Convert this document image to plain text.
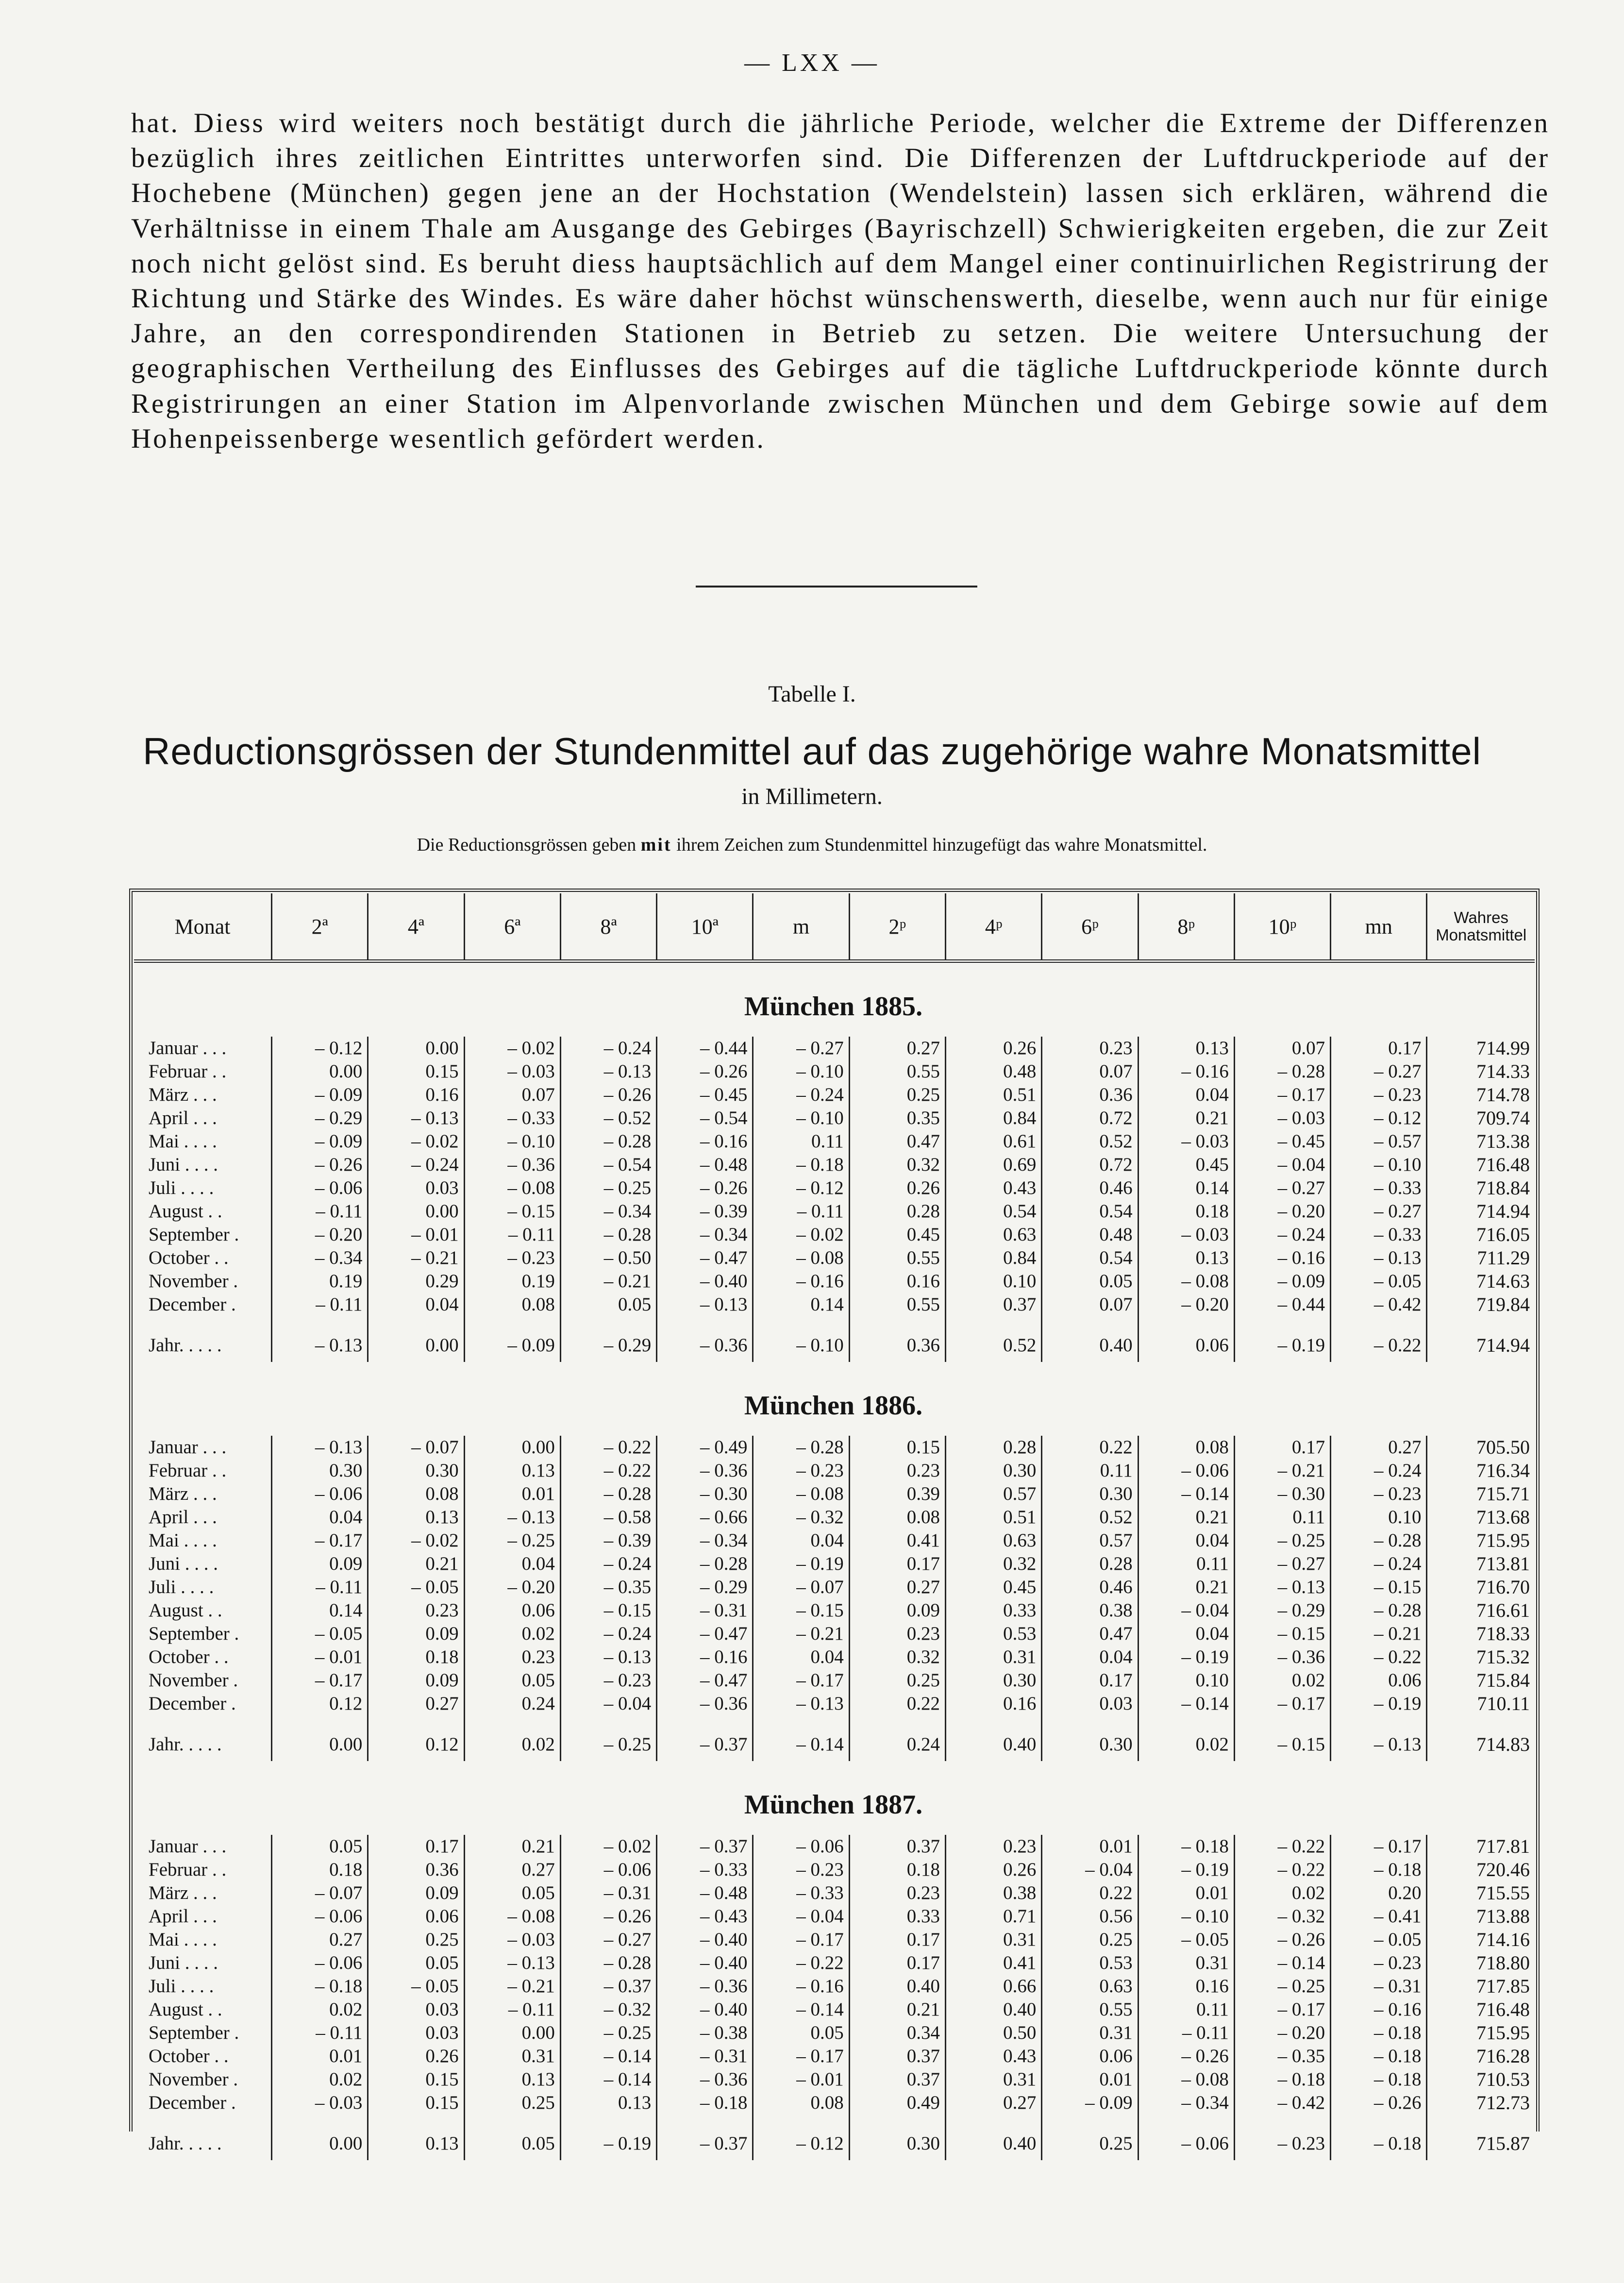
— LXX —

hat. Diess wird weiters noch bestätigt durch die jährliche Periode, welcher die Extreme der Differenzen bezüglich ihres zeitlichen Eintrittes unterworfen sind. Die Differenzen der Luftdruckperiode auf der Hochebene (München) gegen jene an der Hochstation (Wendelstein) lassen sich erklären, während die Verhältnisse in einem Thale am Ausgange des Gebirges (Bayrischzell) Schwierigkeiten ergeben, die zur Zeit noch nicht gelöst sind. Es beruht diess hauptsächlich auf dem Mangel einer continuirlichen Registrirung der Richtung und Stärke des Windes. Es wäre daher höchst wünschenswerth, dieselbe, wenn auch nur für einige Jahre, an den correspondirenden Stationen in Betrieb zu setzen. Die weitere Untersuchung der geographischen Vertheilung des Einflusses des Gebirges auf die tägliche Luftdruckperiode könnte durch Registrirungen an einer Station im Alpenvorlande zwischen München und dem Gebirge sowie auf dem Hohenpeissenberge wesentlich gefördert werden.

Tabelle I.
Reductionsgrössen der Stundenmittel auf das zugehörige wahre Monatsmittel
in Millimetern.
Die Reductionsgrössen geben mit ihrem Zeichen zum Stundenmittel hinzugefügt das wahre Monatsmittel.
Monat	2ª	4ª	6ª	8ª	10ª	m	2ᵖ	4ᵖ	6ᵖ	8ᵖ	10ᵖ	mn	Wahres
Monatsmittel
München 1885.													
Januar . . .	– 0.12	0.00	– 0.02	– 0.24	– 0.44	– 0.27	0.27	0.26	0.23	0.13	0.07	0.17	714.99
Februar . .	0.00	0.15	– 0.03	– 0.13	– 0.26	– 0.10	0.55	0.48	0.07	– 0.16	– 0.28	– 0.27	714.33
März . . .	– 0.09	0.16	0.07	– 0.26	– 0.45	– 0.24	0.25	0.51	0.36	0.04	– 0.17	– 0.23	714.78
April . . .	– 0.29	– 0.13	– 0.33	– 0.52	– 0.54	– 0.10	0.35	0.84	0.72	0.21	– 0.03	– 0.12	709.74
Mai . . . .	– 0.09	– 0.02	– 0.10	– 0.28	– 0.16	0.11	0.47	0.61	0.52	– 0.03	– 0.45	– 0.57	713.38
Juni . . . .	– 0.26	– 0.24	– 0.36	– 0.54	– 0.48	– 0.18	0.32	0.69	0.72	0.45	– 0.04	– 0.10	716.48
Juli . . . .	– 0.06	0.03	– 0.08	– 0.25	– 0.26	– 0.12	0.26	0.43	0.46	0.14	– 0.27	– 0.33	718.84
August . .	– 0.11	0.00	– 0.15	– 0.34	– 0.39	– 0.11	0.28	0.54	0.54	0.18	– 0.20	– 0.27	714.94
September .	– 0.20	– 0.01	– 0.11	– 0.28	– 0.34	– 0.02	0.45	0.63	0.48	– 0.03	– 0.24	– 0.33	716.05
October . .	– 0.34	– 0.21	– 0.23	– 0.50	– 0.47	– 0.08	0.55	0.84	0.54	0.13	– 0.16	– 0.13	711.29
November .	0.19	0.29	0.19	– 0.21	– 0.40	– 0.16	0.16	0.10	0.05	– 0.08	– 0.09	– 0.05	714.63
December .	– 0.11	0.04	0.08	0.05	– 0.13	0.14	0.55	0.37	0.07	– 0.20	– 0.44	– 0.42	719.84

Jahr. . . . .	– 0.13	0.00	– 0.09	– 0.29	– 0.36	– 0.10	0.36	0.52	0.40	0.06	– 0.19	– 0.22	714.94
München 1886.													
Januar . . .	– 0.13	– 0.07	0.00	– 0.22	– 0.49	– 0.28	0.15	0.28	0.22	0.08	0.17	0.27	705.50
Februar . .	0.30	0.30	0.13	– 0.22	– 0.36	– 0.23	0.23	0.30	0.11	– 0.06	– 0.21	– 0.24	716.34
März . . .	– 0.06	0.08	0.01	– 0.28	– 0.30	– 0.08	0.39	0.57	0.30	– 0.14	– 0.30	– 0.23	715.71
April . . .	0.04	0.13	– 0.13	– 0.58	– 0.66	– 0.32	0.08	0.51	0.52	0.21	0.11	0.10	713.68
Mai . . . .	– 0.17	– 0.02	– 0.25	– 0.39	– 0.34	0.04	0.41	0.63	0.57	0.04	– 0.25	– 0.28	715.95
Juni . . . .	0.09	0.21	0.04	– 0.24	– 0.28	– 0.19	0.17	0.32	0.28	0.11	– 0.27	– 0.24	713.81
Juli . . . .	– 0.11	– 0.05	– 0.20	– 0.35	– 0.29	– 0.07	0.27	0.45	0.46	0.21	– 0.13	– 0.15	716.70
August . .	0.14	0.23	0.06	– 0.15	– 0.31	– 0.15	0.09	0.33	0.38	– 0.04	– 0.29	– 0.28	716.61
September .	– 0.05	0.09	0.02	– 0.24	– 0.47	– 0.21	0.23	0.53	0.47	0.04	– 0.15	– 0.21	718.33
October . .	– 0.01	0.18	0.23	– 0.13	– 0.16	0.04	0.32	0.31	0.04	– 0.19	– 0.36	– 0.22	715.32
November .	– 0.17	0.09	0.05	– 0.23	– 0.47	– 0.17	0.25	0.30	0.17	0.10	0.02	0.06	715.84
December .	0.12	0.27	0.24	– 0.04	– 0.36	– 0.13	0.22	0.16	0.03	– 0.14	– 0.17	– 0.19	710.11

Jahr. . . . .	0.00	0.12	0.02	– 0.25	– 0.37	– 0.14	0.24	0.40	0.30	0.02	– 0.15	– 0.13	714.83
München 1887.													
Januar . . .	0.05	0.17	0.21	– 0.02	– 0.37	– 0.06	0.37	0.23	0.01	– 0.18	– 0.22	– 0.17	717.81
Februar . .	0.18	0.36	0.27	– 0.06	– 0.33	– 0.23	0.18	0.26	– 0.04	– 0.19	– 0.22	– 0.18	720.46
März . . .	– 0.07	0.09	0.05	– 0.31	– 0.48	– 0.33	0.23	0.38	0.22	0.01	0.02	0.20	715.55
April . . .	– 0.06	0.06	– 0.08	– 0.26	– 0.43	– 0.04	0.33	0.71	0.56	– 0.10	– 0.32	– 0.41	713.88
Mai . . . .	0.27	0.25	– 0.03	– 0.27	– 0.40	– 0.17	0.17	0.31	0.25	– 0.05	– 0.26	– 0.05	714.16
Juni . . . .	– 0.06	0.05	– 0.13	– 0.28	– 0.40	– 0.22	0.17	0.41	0.53	0.31	– 0.14	– 0.23	718.80
Juli . . . .	– 0.18	– 0.05	– 0.21	– 0.37	– 0.36	– 0.16	0.40	0.66	0.63	0.16	– 0.25	– 0.31	717.85
August . .	0.02	0.03	– 0.11	– 0.32	– 0.40	– 0.14	0.21	0.40	0.55	0.11	– 0.17	– 0.16	716.48
September .	– 0.11	0.03	0.00	– 0.25	– 0.38	0.05	0.34	0.50	0.31	– 0.11	– 0.20	– 0.18	715.95
October . .	0.01	0.26	0.31	– 0.14	– 0.31	– 0.17	0.37	0.43	0.06	– 0.26	– 0.35	– 0.18	716.28
November .	0.02	0.15	0.13	– 0.14	– 0.36	– 0.01	0.37	0.31	0.01	– 0.08	– 0.18	– 0.18	710.53
December .	– 0.03	0.15	0.25	0.13	– 0.18	0.08	0.49	0.27	– 0.09	– 0.34	– 0.42	– 0.26	712.73

Jahr. . . . .	0.00	0.13	0.05	– 0.19	– 0.37	– 0.12	0.30	0.40	0.25	– 0.06	– 0.23	– 0.18	715.87
